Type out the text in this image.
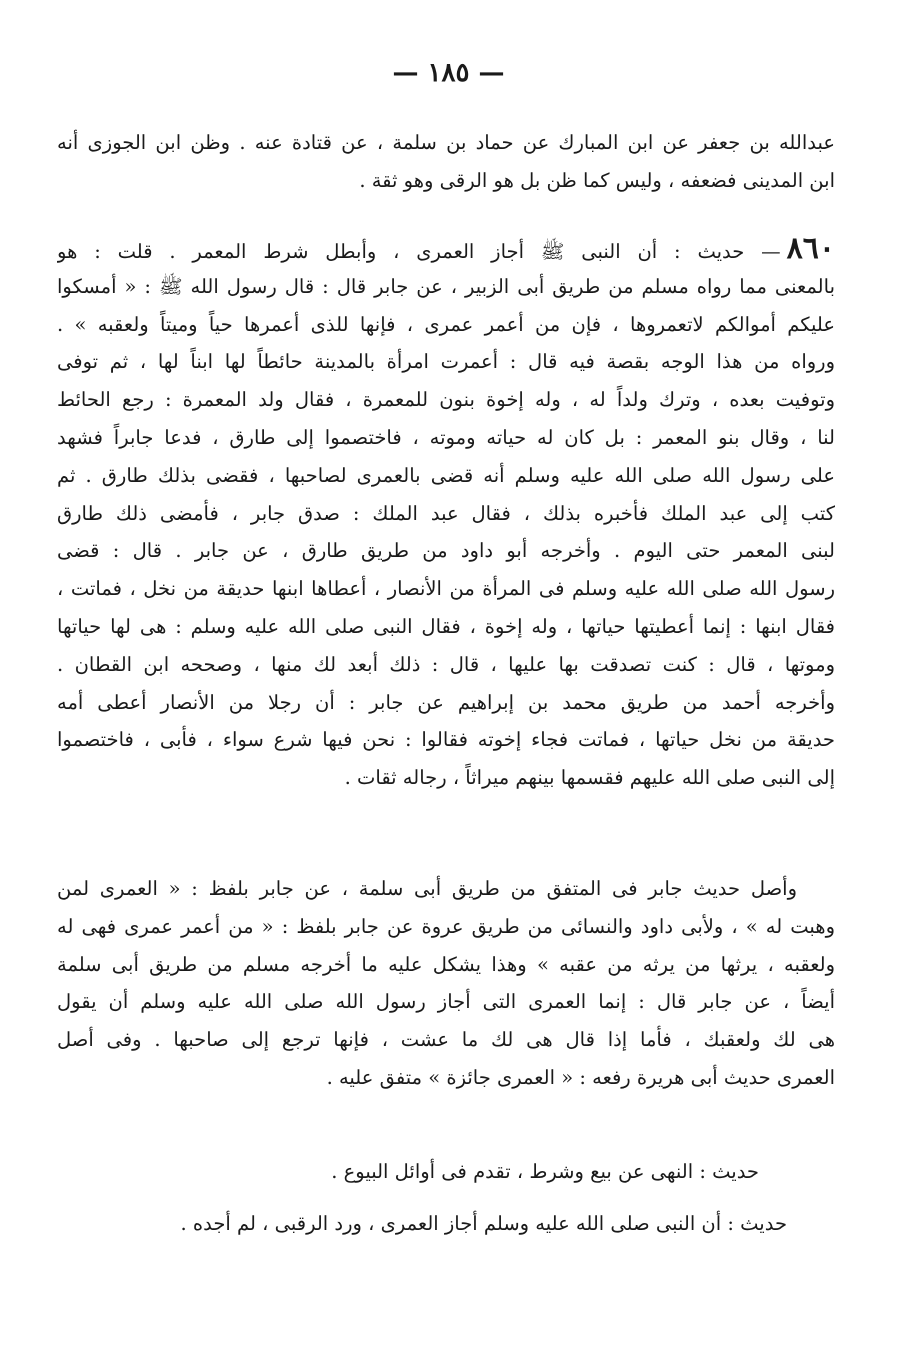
— ١٨٥ —
عبدالله بن جعفر عن ابن المبارك عن حماد بن سلمة ، عن قتادة عنه . وظن ابن الجوزى أنه
ابن المدينى فضعفه ، وليس كما ظن بل هو الرقى وهو ثقة .
٨٦٠— حديث : أن النبى ﷺ أجاز العمرى ، وأبطل شرط المعمر . قلت : هو
بالمعنى مما رواه مسلم من طريق أبى الزبير ، عن جابر قال : قال رسول الله ﷺ : « أمسكوا
عليكم أموالكم لاتعمروها ، فإن من أعمر عمرى ، فإنها للذى أعمرها حياً وميتاً ولعقبه » .
ورواه من هذا الوجه بقصة فيه قال : أعمرت امرأة بالمدينة حائطاً لها ابناً لها ، ثم توفى
وتوفيت بعده ، وترك ولداً له ، وله إخوة بنون للمعمرة ، فقال ولد المعمرة : رجع الحائط
لنا ، وقال بنو المعمر : بل كان له حياته وموته ، فاختصموا إلى طارق ، فدعا جابراً فشهد
على رسول الله صلى الله عليه وسلم أنه قضى بالعمرى لصاحبها ، فقضى بذلك طارق . ثم
كتب إلى عبد الملك فأخبره بذلك ، فقال عبد الملك : صدق جابر ، فأمضى ذلك طارق
لبنى المعمر حتى اليوم . وأخرجه أبو داود من طريق طارق ، عن جابر . قال : قضى
رسول الله صلى الله عليه وسلم فى المرأة من الأنصار ، أعطاها ابنها حديقة من نخل ، فماتت ،
فقال ابنها : إنما أعطيتها حياتها ، وله إخوة ، فقال النبى صلى الله عليه وسلم : هى لها حياتها
وموتها ، قال : كنت تصدقت بها عليها ، قال : ذلك أبعد لك منها ، وصححه ابن القطان .
وأخرجه أحمد من طريق محمد بن إبراهيم عن جابر : أن رجلا من الأنصار أعطى أمه
حديقة من نخل حياتها ، فماتت فجاء إخوته فقالوا : نحن فيها شرع سواء ، فأبى ، فاختصموا
إلى النبى صلى الله عليهم فقسمها بينهم ميراثاً ، رجاله ثقات .
وأصل حديث جابر فى المتفق من طريق أبى سلمة ، عن جابر بلفظ : « العمرى لمن
وهبت له » ، ولأبى داود والنسائى من طريق عروة عن جابر بلفظ : « من أعمر عمرى فهى له
ولعقبه ، يرثها من يرثه من عقبه » وهذا يشكل عليه ما أخرجه مسلم من طريق أبى سلمة
أيضاً ، عن جابر قال : إنما العمرى التى أجاز رسول الله صلى الله عليه وسلم أن يقول
هى لك ولعقبك ، فأما إذا قال هى لك ما عشت ، فإنها ترجع إلى صاحبها . وفى أصل
العمرى حديث أبى هريرة رفعه : « العمرى جائزة » متفق عليه .
حديث : النهى عن بيع وشرط ، تقدم فى أوائل البيوع .
حديث : أن النبى صلى الله عليه وسلم أجاز العمرى ، ورد الرقبى ، لم أجده .
